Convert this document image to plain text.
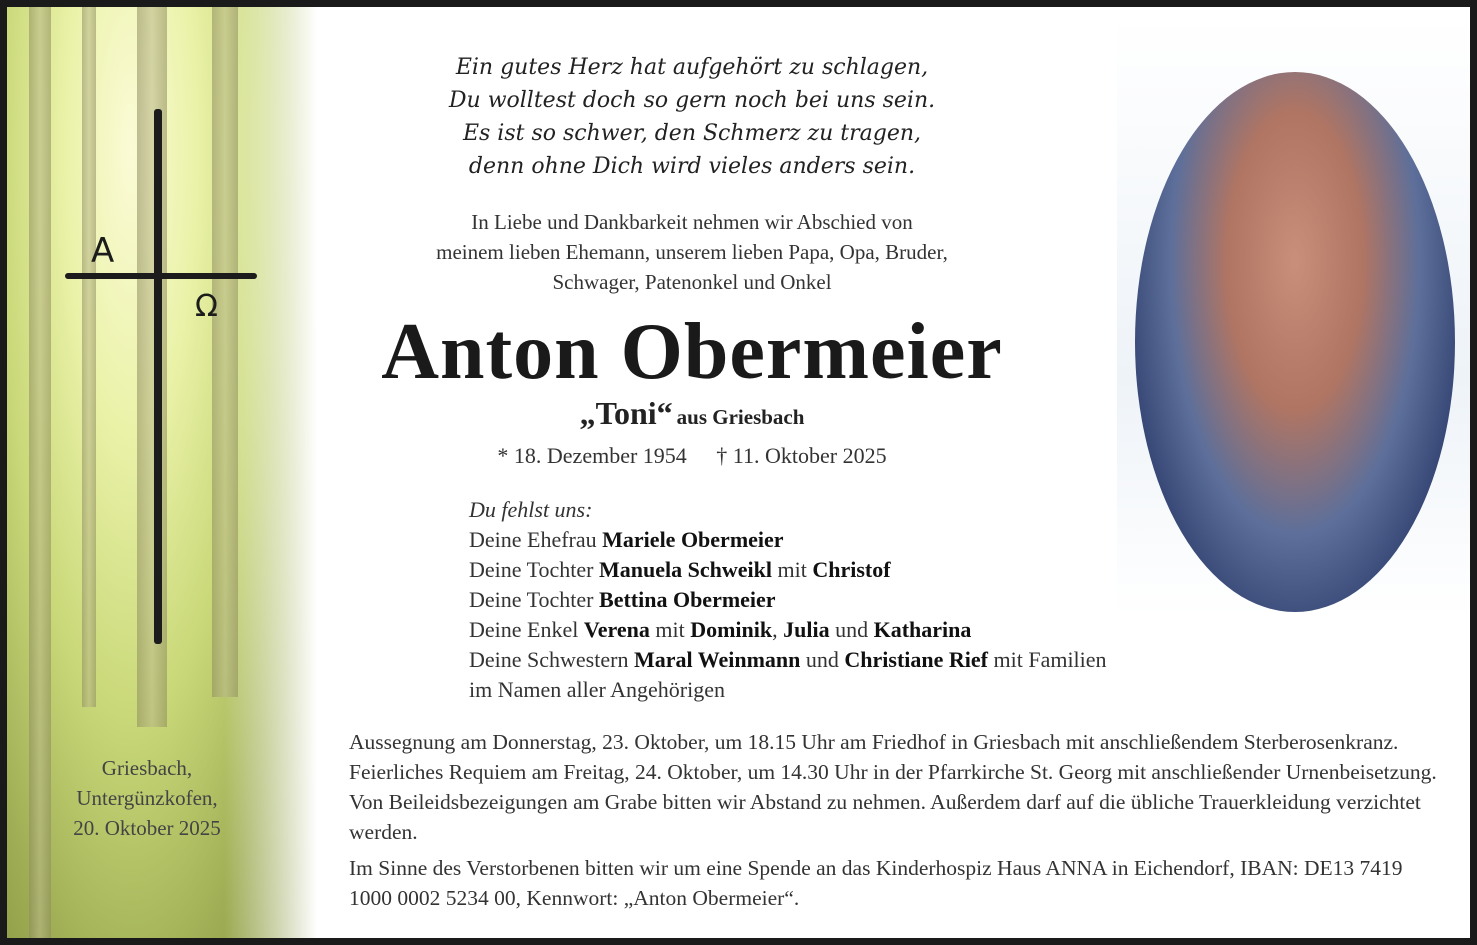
A
Ω
Griesbach,
Untergünzkofen,
20. Oktober 2025
Ein gutes Herz hat aufgehört zu schlagen,
Du wolltest doch so gern noch bei uns sein.
Es ist so schwer, den Schmerz zu tragen,
denn ohne Dich wird vieles anders sein.
In Liebe und Dankbarkeit nehmen wir Abschied von
meinem lieben Ehemann, unserem lieben Papa, Opa, Bruder,
Schwager, Patenonkel und Onkel
Anton Obermeier
„Toni“ aus Griesbach
* 18. Dezember 1954 † 11. Oktober 2025
Du fehlst uns:
Deine Ehefrau Mariele Obermeier
Deine Tochter Manuela Schweikl mit Christof
Deine Tochter Bettina Obermeier
Deine Enkel Verena mit Dominik, Julia und Katharina
Deine Schwestern Maral Weinmann und Christiane Rief mit Familien
im Namen aller Angehörigen

Aussegnung am Donnerstag, 23. Oktober, um 18.15 Uhr am Friedhof in Griesbach mit anschließendem Sterberosenkranz. Feierliches Requiem am Freitag, 24. Oktober, um 14.30 Uhr in der Pfarrkirche St. Georg mit anschließender Urnenbeisetzung. Von Beileidsbezeigungen am Grabe bitten wir Abstand zu nehmen. Außerdem darf auf die übliche Trauerkleidung verzichtet werden.

Im Sinne des Verstorbenen bitten wir um eine Spende an das Kinderhospiz Haus ANNA in Eichendorf, IBAN: DE13 7419 1000 0002 5234 00, Kennwort: „Anton Obermeier“.
